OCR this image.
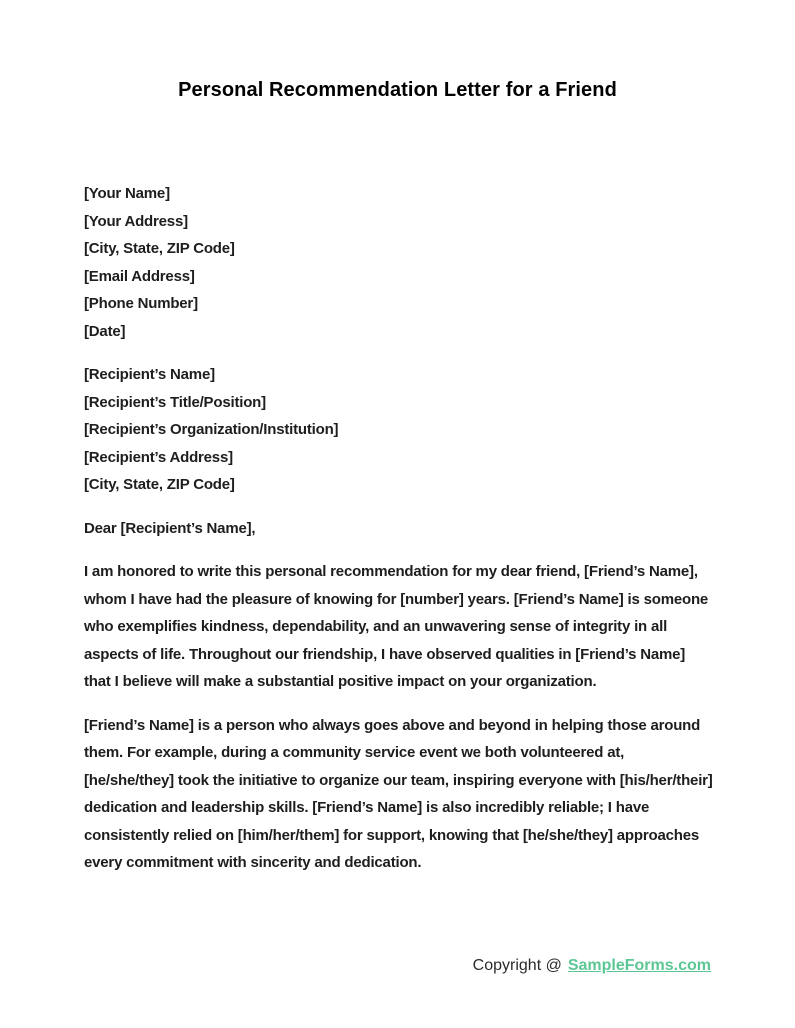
Personal Recommendation Letter for a Friend
[Your Name]
[Your Address]
[City, State, ZIP Code]
[Email Address]
[Phone Number]
[Date]
[Recipient’s Name]
[Recipient’s Title/Position]
[Recipient’s Organization/Institution]
[Recipient’s Address]
[City, State, ZIP Code]
Dear [Recipient’s Name],

I am honored to write this personal recommendation for my dear friend, [Friend’s Name], whom I have had the pleasure of knowing for [number] years. [Friend’s Name] is someone who exemplifies kindness, dependability, and an unwavering sense of integrity in all aspects of life. Throughout our friendship, I have observed qualities in [Friend’s Name] that I believe will make a substantial positive impact on your organization.

[Friend’s Name] is a person who always goes above and beyond in helping those around them. For example, during a community service event we both volunteered at, [he/she/they] took the initiative to organize our team, inspiring everyone with [his/her/their] dedication and leadership skills. [Friend’s Name] is also incredibly reliable; I have consistently relied on [him/her/them] for support, knowing that [he/she/they] approaches every commitment with sincerity and dedication.

Copyright @ SampleForms.com
